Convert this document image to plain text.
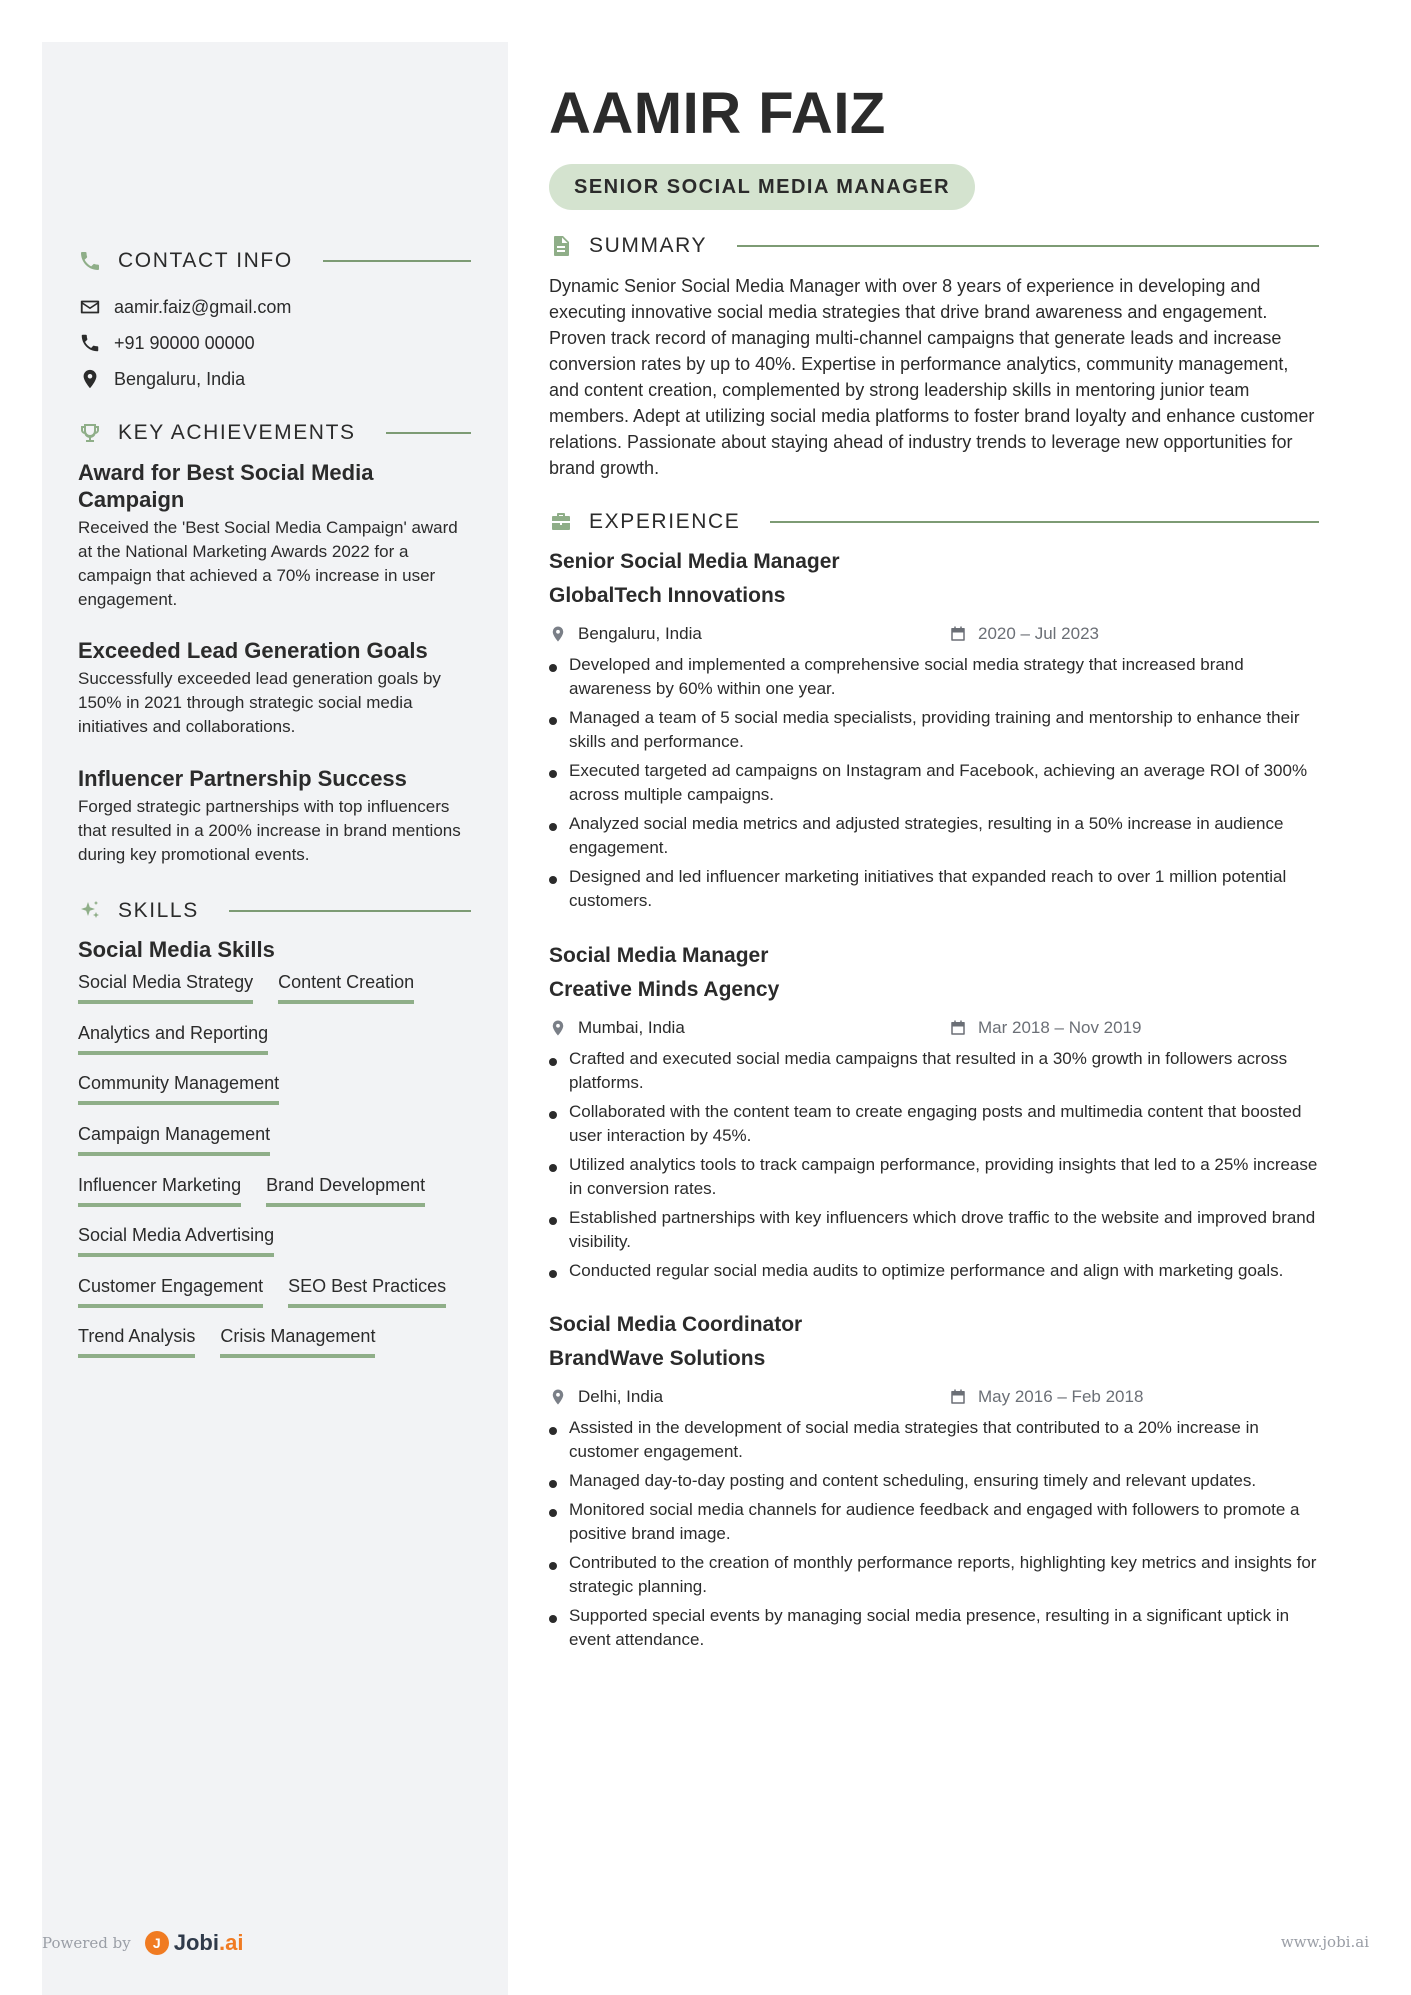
CONTACT INFO
aamir.faiz@gmail.com
+91 90000 00000
Bengaluru, India
KEY ACHIEVEMENTS
Award for Best Social Media Campaign
Received the 'Best Social Media Campaign' award at the National Marketing Awards 2022 for a campaign that achieved a 70% increase in user engagement.
Exceeded Lead Generation Goals
Successfully exceeded lead generation goals by 150% in 2021 through strategic social media initiatives and collaborations.
Influencer Partnership Success
Forged strategic partnerships with top influencers that resulted in a 200% increase in brand mentions during key promotional events.
SKILLS
Social Media Skills
Social Media Strategy Content Creation
Analytics and Reporting
Community Management
Campaign Management
Influencer Marketing Brand Development
Social Media Advertising
Customer Engagement SEO Best Practices
Trend Analysis Crisis Management
AAMIR FAIZ
SENIOR SOCIAL MEDIA MANAGER
SUMMARY
Dynamic Senior Social Media Manager with over 8 years of experience in developing and executing innovative social media strategies that drive brand awareness and engagement. Proven track record of managing multi-channel campaigns that generate leads and increase conversion rates by up to 40%. Expertise in performance analytics, community management, and content creation, complemented by strong leadership skills in mentoring junior team members. Adept at utilizing social media platforms to foster brand loyalty and enhance customer relations. Passionate about staying ahead of industry trends to leverage new opportunities for brand growth.
EXPERIENCE
Senior Social Media Manager
GlobalTech Innovations
Bengaluru, India	2020 – Jul 2023
Developed and implemented a comprehensive social media strategy that increased brand awareness by 60% within one year.
Managed a team of 5 social media specialists, providing training and mentorship to enhance their skills and performance.
Executed targeted ad campaigns on Instagram and Facebook, achieving an average ROI of 300% across multiple campaigns.
Analyzed social media metrics and adjusted strategies, resulting in a 50% increase in audience engagement.
Designed and led influencer marketing initiatives that expanded reach to over 1 million potential customers.
Social Media Manager
Creative Minds Agency
Mumbai, India	Mar 2018 – Nov 2019
Crafted and executed social media campaigns that resulted in a 30% growth in followers across platforms.
Collaborated with the content team to create engaging posts and multimedia content that boosted user interaction by 45%.
Utilized analytics tools to track campaign performance, providing insights that led to a 25% increase in conversion rates.
Established partnerships with key influencers which drove traffic to the website and improved brand visibility.
Conducted regular social media audits to optimize performance and align with marketing goals.
Social Media Coordinator
BrandWave Solutions
Delhi, India	May 2016 – Feb 2018
Assisted in the development of social media strategies that contributed to a 20% increase in customer engagement.
Managed day-to-day posting and content scheduling, ensuring timely and relevant updates.
Monitored social media channels for audience feedback and engaged with followers to promote a positive brand image.
Contributed to the creation of monthly performance reports, highlighting key metrics and insights for strategic planning.
Supported special events by managing social media presence, resulting in a significant uptick in event attendance.
Powered by	J Jobi.ai	www.jobi.ai
